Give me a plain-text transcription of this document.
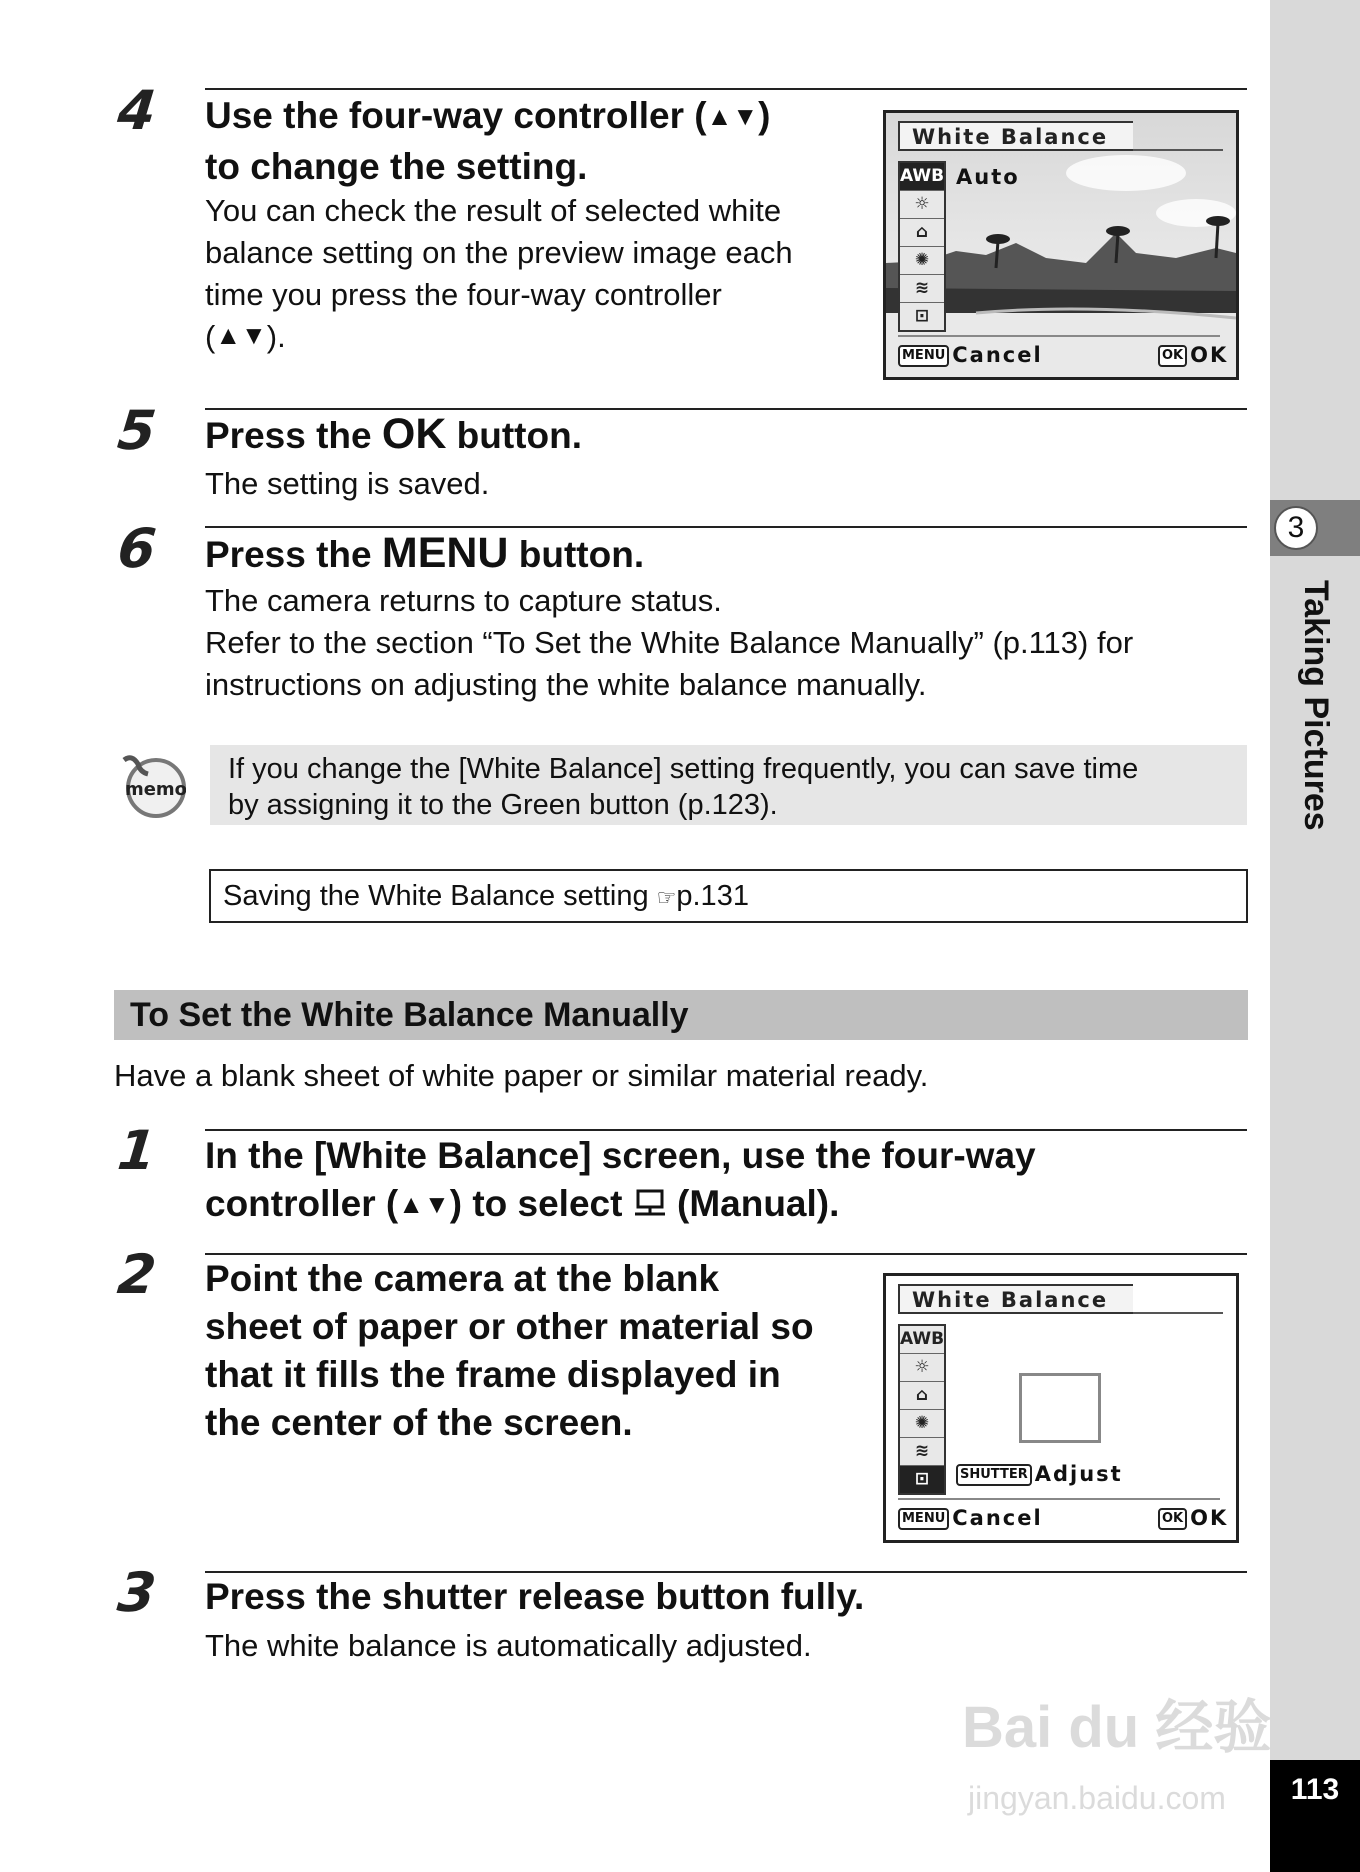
4 Use the four-way controller (▲▼)
to change the setting.
You can check the result of selected white
balance setting on the preview image each
time you press the four-way controller
(▲▼).
White Balance
AWB
☼
⌂
✺
≋
⊡
Auto
MENU Cancel	OK OK
5 Press the OK button.
The setting is saved.
6 Press the MENU button.
The camera returns to capture status.
Refer to the section “To Set the White Balance Manually” (p.113) for
instructions on adjusting the white balance manually.
memo
If you change the [White Balance] setting frequently, you can save time
by assigning it to the Green button (p.123).
Saving the White Balance setting ☞p.131
To Set the White Balance Manually
Have a blank sheet of white paper or similar material ready.
1 In the [White Balance] screen, use the four-way
controller (▲▼) to select  (Manual).
2 Point the camera at the blank
sheet of paper or other material so
that it fills the frame displayed in
the center of the screen.
White Balance
AWB
☼
⌂
✺
≋
⊡	SHUTTER Adjust
MENU Cancel	OK OK
3 Press the shutter release button fully.
The white balance is automatically adjusted.
3
Taking Pictures
113
Bai du 经验
jingyan.baidu.com
